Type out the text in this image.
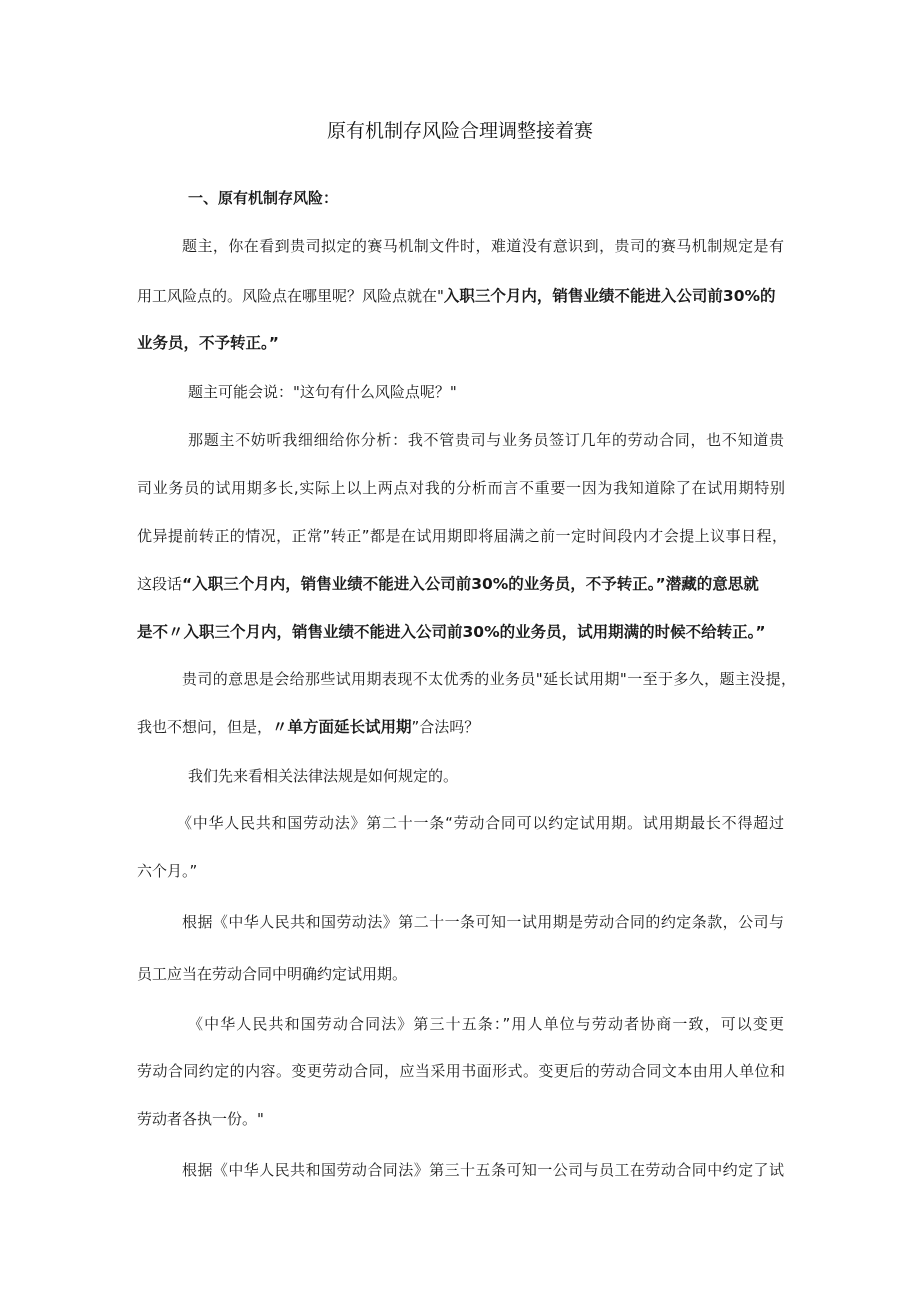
原有机制存风险合理调整接着赛
一、原有机制存风险：
题主，你在看到贵司拟定的赛马机制文件时，难道没有意识到，贵司的赛马机制规定是有
用工风险点的。风险点在哪里呢？风险点就在"入职三个月内，销售业绩不能进入公司前30%的
业务员，不予转正。”
题主可能会说："这句有什么风险点呢？"
那题主不妨听我细细给你分析：我不管贵司与业务员签订几年的劳动合同，也不知道贵
司业务员的试用期多长,实际上以上两点对我的分析而言不重要一因为我知道除了在试用期特别
优异提前转正的情况，正常”转正”都是在试用期即将届满之前一定时间段内才会提上议事日程，
这段话“入职三个月内，销售业绩不能进入公司前30%的业务员，不予转正。”潜藏的意思就
是不〃入职三个月内，销售业绩不能进入公司前30%的业务员，试用期满的时候不给转正。”
贵司的意思是会给那些试用期表现不太优秀的业务员"延长试用期"一至于多久，题主没提，
我也不想问，但是，〃单方面延长试用期”合法吗？
我们先来看相关法律法规是如何规定的。
《中华人民共和国劳动法》第二十一条“劳动合同可以约定试用期。试用期最长不得超过
六个月。”
根据《中华人民共和国劳动法》第二十一条可知一试用期是劳动合同的约定条款，公司与
员工应当在劳动合同中明确约定试用期。
《中华人民共和国劳动合同法》第三十五条：”用人单位与劳动者协商一致，可以变更
劳动合同约定的内容。变更劳动合同，应当采用书面形式。变更后的劳动合同文本由用人单位和
劳动者各执一份。"
根据《中华人民共和国劳动合同法》第三十五条可知一公司与员工在劳动合同中约定了试
